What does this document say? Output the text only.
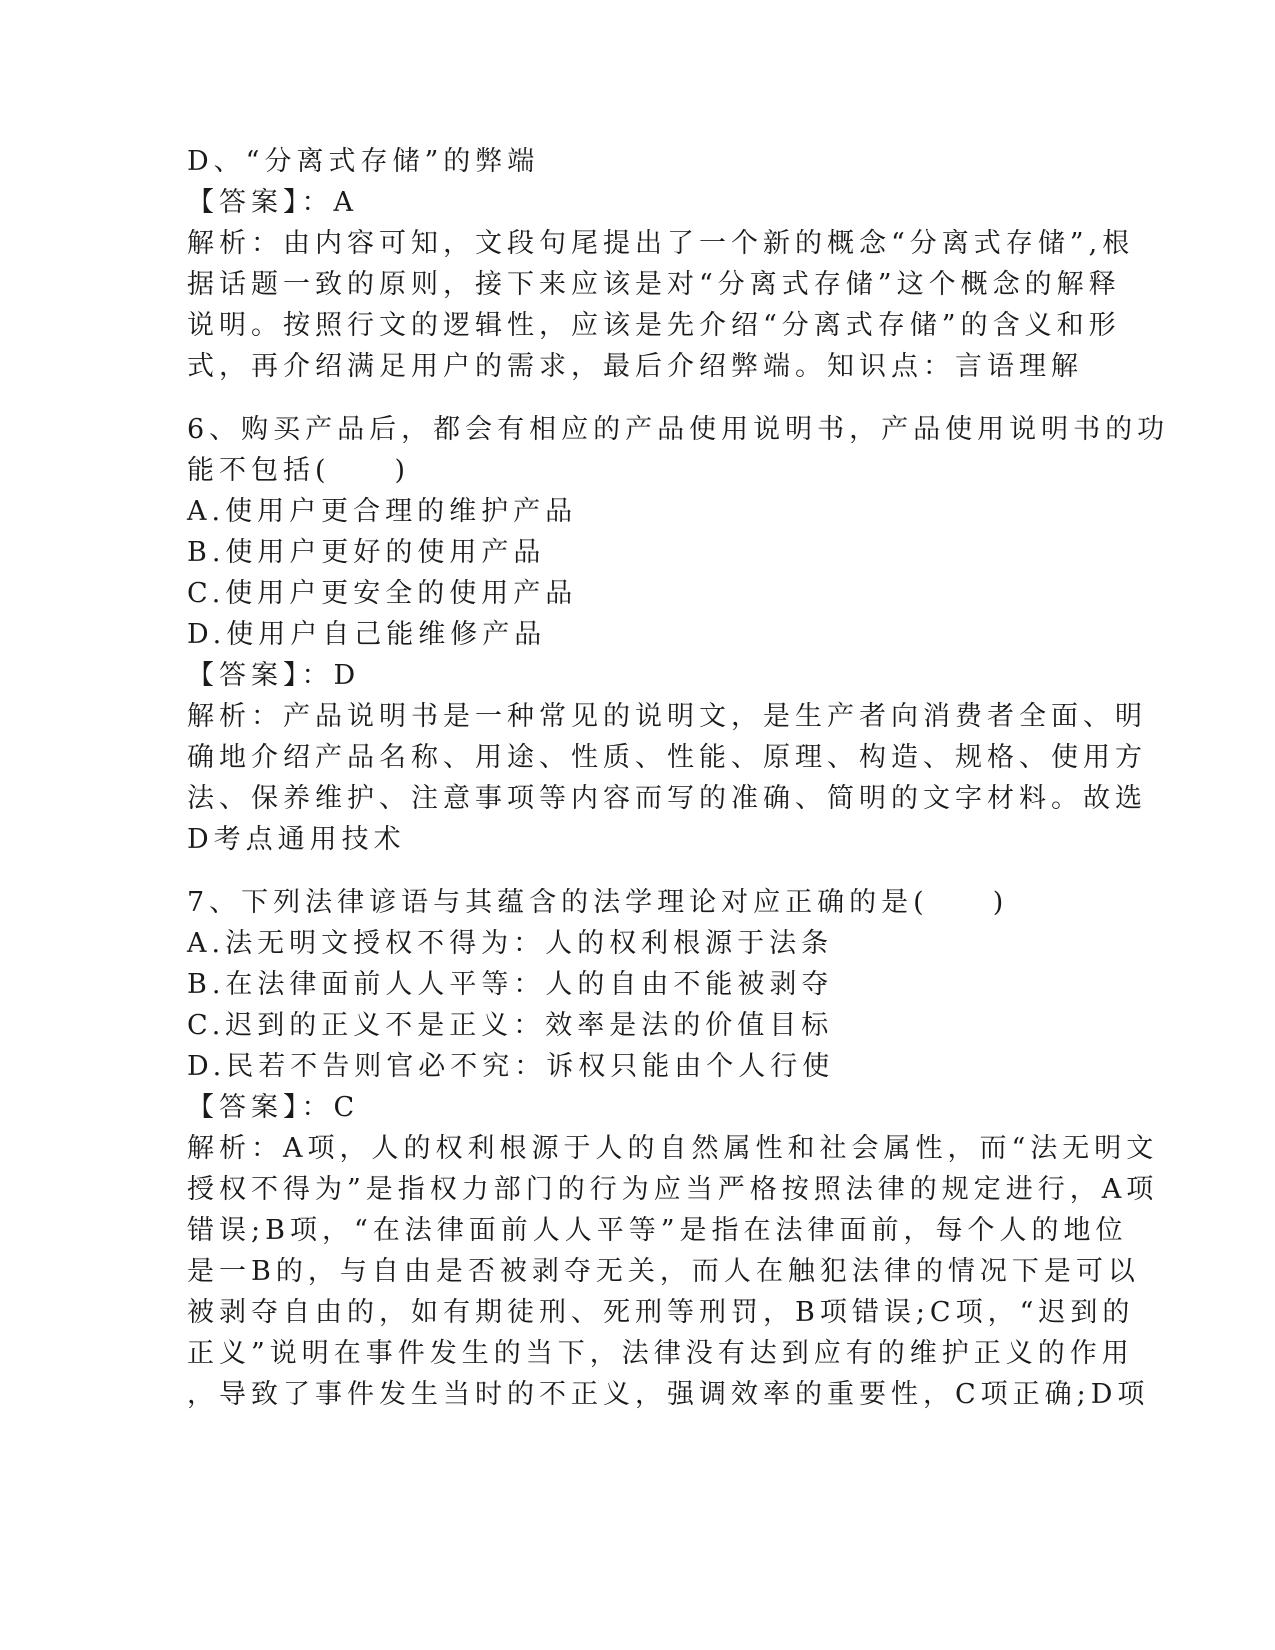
D、“分离式存储”的弊端
【答案】：A
解析：由内容可知，文段句尾提出了一个新的概念“分离式存储”,根
据话题一致的原则，接下来应该是对“分离式存储”这个概念的解释
说明。按照行文的逻辑性，应该是先介绍“分离式存储”的含义和形
式，再介绍满足用户的需求，最后介绍弊端。知识点：言语理解
6、购买产品后，都会有相应的产品使用说明书，产品使用说明书的功
能不包括(　　)
A.使用户更合理的维护产品
B.使用户更好的使用产品
C.使用户更安全的使用产品
D.使用户自己能维修产品
【答案】：D
解析：产品说明书是一种常见的说明文，是生产者向消费者全面、明
确地介绍产品名称、用途、性质、性能、原理、构造、规格、使用方
法、保养维护、注意事项等内容而写的准确、简明的文字材料。故选
D考点通用技术
7、下列法律谚语与其蕴含的法学理论对应正确的是(　　)
A.法无明文授权不得为：人的权利根源于法条
B.在法律面前人人平等：人的自由不能被剥夺
C.迟到的正义不是正义：效率是法的价值目标
D.民若不告则官必不究：诉权只能由个人行使
【答案】：C
解析：A项，人的权利根源于人的自然属性和社会属性，而“法无明文
授权不得为”是指权力部门的行为应当严格按照法律的规定进行，A项
错误;B项，“在法律面前人人平等”是指在法律面前，每个人的地位
是一B的，与自由是否被剥夺无关，而人在触犯法律的情况下是可以
被剥夺自由的，如有期徒刑、死刑等刑罚，B项错误;C项，“迟到的
正义”说明在事件发生的当下，法律没有达到应有的维护正义的作用
，导致了事件发生当时的不正义，强调效率的重要性，C项正确;D项
